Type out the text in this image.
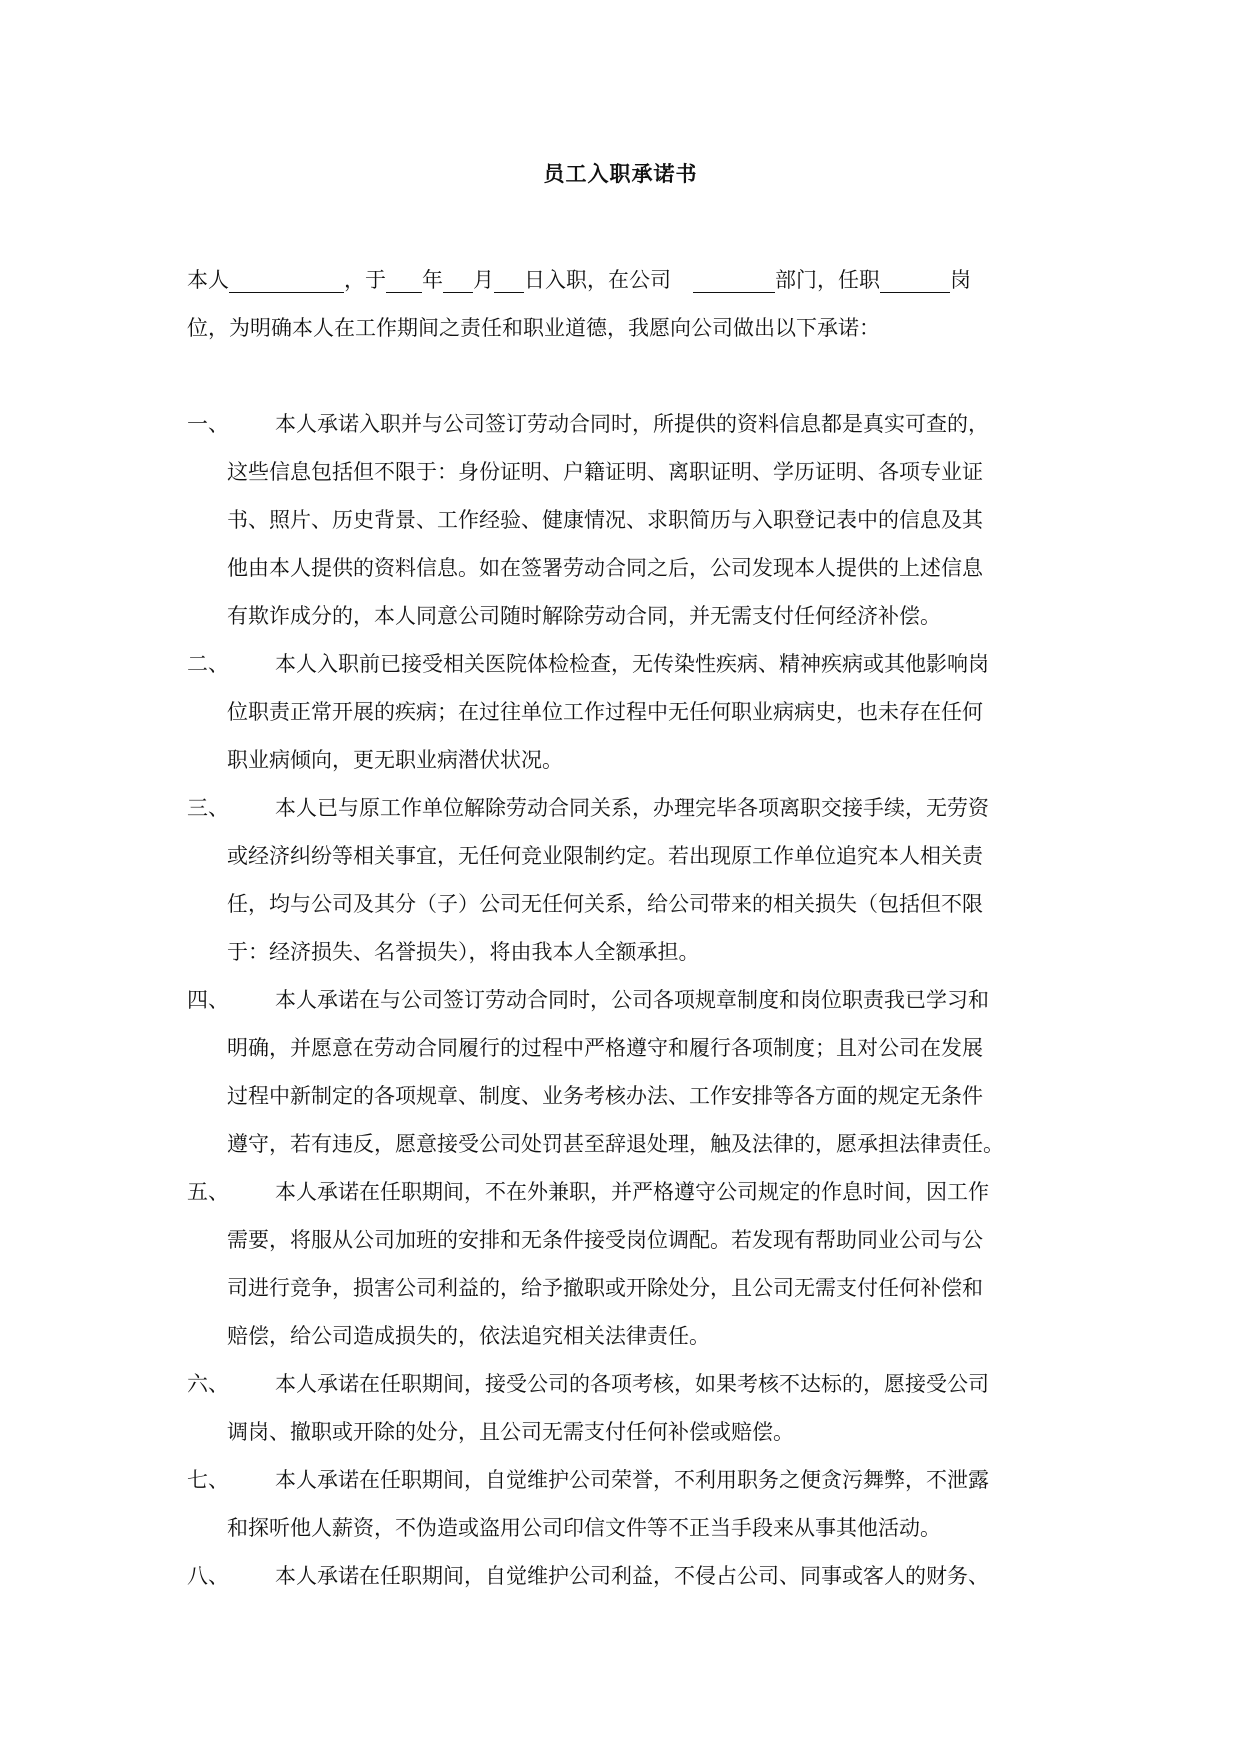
员工入职承诺书
本人	，于 年 月 日入职，在公司	部门，任职	岗
位，为明确本人在工作期间之责任和职业道德，我愿向公司做出以下承诺：
一、	本人承诺入职并与公司签订劳动合同时，所提供的资料信息都是真实可查的，
这些信息包括但不限于：身份证明、户籍证明、离职证明、学历证明、各项专业证
书、照片、历史背景、工作经验、健康情况、求职简历与入职登记表中的信息及其
他由本人提供的资料信息。如在签署劳动合同之后，公司发现本人提供的上述信息
有欺诈成分的，本人同意公司随时解除劳动合同，并无需支付任何经济补偿。
二、	本人入职前已接受相关医院体检检查，无传染性疾病、精神疾病或其他影响岗
位职责正常开展的疾病；在过往单位工作过程中无任何职业病病史，也未存在任何
职业病倾向，更无职业病潜伏状况。
三、	本人已与原工作单位解除劳动合同关系，办理完毕各项离职交接手续，无劳资
或经济纠纷等相关事宜，无任何竞业限制约定。若出现原工作单位追究本人相关责
任，均与公司及其分（子）公司无任何关系，给公司带来的相关损失（包括但不限
于：经济损失、名誉损失），将由我本人全额承担。
四、	本人承诺在与公司签订劳动合同时，公司各项规章制度和岗位职责我已学习和
明确，并愿意在劳动合同履行的过程中严格遵守和履行各项制度；且对公司在发展
过程中新制定的各项规章、制度、业务考核办法、工作安排等各方面的规定无条件
遵守，若有违反，愿意接受公司处罚甚至辞退处理，触及法律的，愿承担法律责任。
五、	本人承诺在任职期间，不在外兼职，并严格遵守公司规定的作息时间，因工作
需要，将服从公司加班的安排和无条件接受岗位调配。若发现有帮助同业公司与公
司进行竞争，损害公司利益的，给予撤职或开除处分，且公司无需支付任何补偿和
赔偿，给公司造成损失的，依法追究相关法律责任。
六、	本人承诺在任职期间，接受公司的各项考核，如果考核不达标的，愿接受公司
调岗、撤职或开除的处分，且公司无需支付任何补偿或赔偿。
七、	本人承诺在任职期间，自觉维护公司荣誉，不利用职务之便贪污舞弊，不泄露
和探听他人薪资，不伪造或盗用公司印信文件等不正当手段来从事其他活动。
八、	本人承诺在任职期间，自觉维护公司利益，不侵占公司、同事或客人的财务、
